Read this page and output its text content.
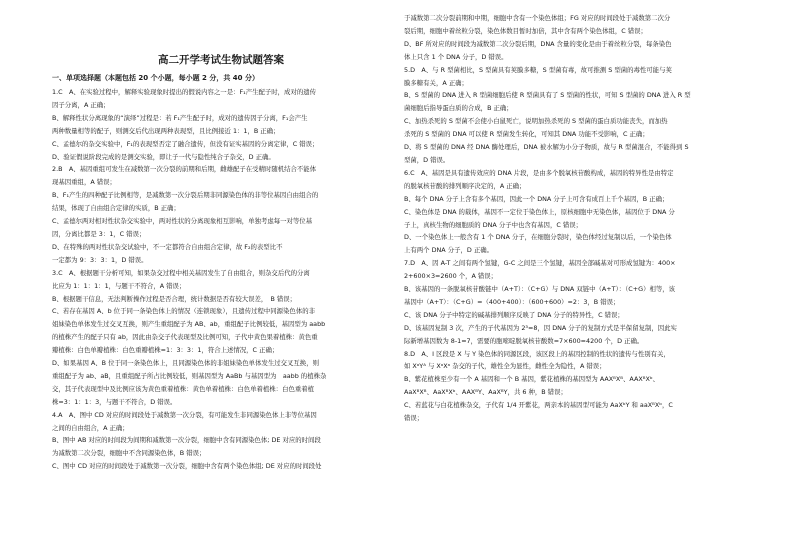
高二开学考试生物试题答案
一、单项选择题（本题包括 20 个小题，每小题 2 分，共 40 分）

1.C　A、在实验过程中，解释实验现象时提出的假说内容之一是：F₁产生配子时，成对的遗传

因子分离，A 正确；

B、解释性状分离现象的“演绎”过程是：若 F₁产生配子时，成对的遗传因子分离，F₁会产生

两种数量相等的配子，则测交后代出现两种表现型，且比例接近 1：1，B 正确；

C、孟德尔的杂交实验中，F₁的表现型否定了融合遗传，但没有证实基因的分离定律，C 错误；

D、验证假说阶段完成的是测交实验，即让子一代与隐性纯合子杂交，D 正确。

2.B　A、基因重组可发生在减数第一次分裂的前期和后期，雌雄配子在受精时随机结合不能体

现基因重组，A 错误；

B、F₁产生的四种配子比例相等，是减数第一次分裂后期非同源染色体的非等位基因自由组合的

结果，体现了自由组合定律的实质，B 正确；

C、孟德尔两对相对性状杂交实验中，两对性状的分离现象相互影响，单独考虑每一对等位基

因，分离比都是 3：1，C 错误；

D、在特殊的两对性状杂交试验中，不一定都符合自由组合定律，故 F₂的表型比不

一定都为 9：3：3：1，D 错误。

3.C　A、根据题干分析可知，如果杂交过程中相关基因发生了自由组合，则杂交后代的分离

比应为 1：1：1：1，与题干不符合，A 错误；

B、根据题干信息，无法判断操作过程是否合理，统计数据是否有较大误差，　B 错误；

C、若存在基因 A、b 位于同一条染色体上的情况（连锁现象），且遗传过程中同源染色体的非

姐妹染色单体发生过交叉互换，则产生重组配子为 AB、ab，重组配子比例较低，基因型为 aabb

的植株产生的配子只有 ab，因此由杂交子代表现型及比例可知，子代中黄色果着植株：黄色重

瓣植株：白色单瓣植株：白色重瓣植株=1：3：3：1，符合上述情况，C 正确；

D、如果基因 A、B 位于同一条染色体上，且同源染色体的非姐妹染色单体发生过交叉互换，则

重组配子为 ab、aB，且重组配子所占比例较低，则基因型为 AaBb 与基因型为　aabb 的植株杂

交，其子代表现型中及比例应该为黄色重着植株：黄色单着植株：白色单着植株：白色重着植

株=3：1：1：3，与题干不符合，D 错误。

4.A　A、图中 CD 对应的时间段处于减数第一次分裂，有可能发生非同源染色体上非等位基因

之间的自由组合，A 正确；

B、图中 AB 对应的时间段为间期和减数第一次分裂，细胞中含有同源染色体; DE 对应的时间段

为减数第二次分裂，细胞中不含同源染色体，B 错误；

C、图中 CD 对应的时间段处于减数第一次分裂，细胞中含有两个染色体组; DE 对应的时间段处

于减数第二次分裂前期和中期，细胞中含有一个染色体组；FG 对应的时间段处于减数第二次分

裂后期，细胞中着丝粒分裂，染色体数目暂时加倍，其中含有两个染色体组，C 错误；

D、BF 所对应的时间段为减数第二次分裂后期，DNA 含量的变化是由于着丝粒分裂，每条染色

体上只含 1 个 DNA 分子，D 错误。

5.D　A、与 R 型菌相比，S 型菌具有荚膜多糖，S 型菌有毒，故可推测 S 型菌的毒性可能与荚

膜多糖有关，A 正确；

B、S 型菌的 DNA 进入 R 型菌细胞后使 R 型菌具有了 S 型菌的性状，可知 S 型菌的 DNA 进入 R 型

菌细胞后指导蛋白质的合成，B 正确；

C、加热杀死的 S 型菌不会使小白鼠死亡，说明加热杀死的 S 型菌的蛋白质功能丧失，而加热

杀死的 S 型菌的 DNA 可以使 R 型菌发生转化，可知其 DNA 功能不受影响，C 正确；

D、将 S 型菌的 DNA 经 DNA 酶处理后，DNA 被水解为小分子物质，故与 R 型菌混合，不能得到 S

型菌，D 错误。

6.C　A、基因是具有遗传效应的 DNA 片段，是由多个脱氧核苷酸构成，基因的特异性是由特定

的脱氧核苷酸的排列顺序决定的，A 正确；

B、每个 DNA 分子上含有多个基因，因此一个 DNA 分子上可含有成百上千个基因，B 正确；

C、染色体是 DNA 的载体，基因不一定位于染色体上，原核细胞中无染色体，基因位于 DNA 分

子上，真核生物的细胞质的 DNA 分子中也含有基因，C 错误；

D、一个染色体上一般含有 1 个 DNA 分子，在细胞分裂时，染色体经过复制以后，一个染色体

上有两个 DNA 分子，D 正确。

7.D　A、因 A-T 之间有两个氢键，G-C 之间是三个氢键，基因全部碱基对可形成氢键为：400×

2+600×3=2600 个，A 错误；

B、该基因的一条脱氧核苷酸链中（A+T）：（C+G）与 DNA 双链中（A+T）：（C+G）相等，该

基因中（A+T）：（C+G）=（400+400）：（600+600）=2：3，B 错误；

C、该 DNA 分子中特定的碱基排列顺序反映了 DNA 分子的特异性，C 错误；

D、该基因复制 3 次，产生的子代基因为 2³=8，因 DNA 分子的复制方式是半保留复制，因此实

际新增基因数为 8-1=7，需要的胞嘧啶脱氧核苷酸数=7×600=4200 个，D 正确。

8.D　A、I 区段是 X 与 Y 染色体的同源区段，该区段上的基因控制的性状的遗传与性别有关，

如 XᵃYᴬ 与 XᵃXᵃ 杂交的子代，雄性全为显性，雌性全为隐性，A 错误；

B、紫花植株至少有一个 A 基因和一个 B 基因，紫花植株的基因型为 AAXᴮXᴮ、AAXᴮXᵇ、

AaXᴮXᴮ、AaXᴮXᵇ、AAXᴮY、AaXᴮY，共 6 种，B 错误；

C、若蓝花与白花植株杂交，子代有 1/4 开紫花，两亲本的基因型可能为 AaXᵇY 和 aaXᴮXᵇ，C

错误；
